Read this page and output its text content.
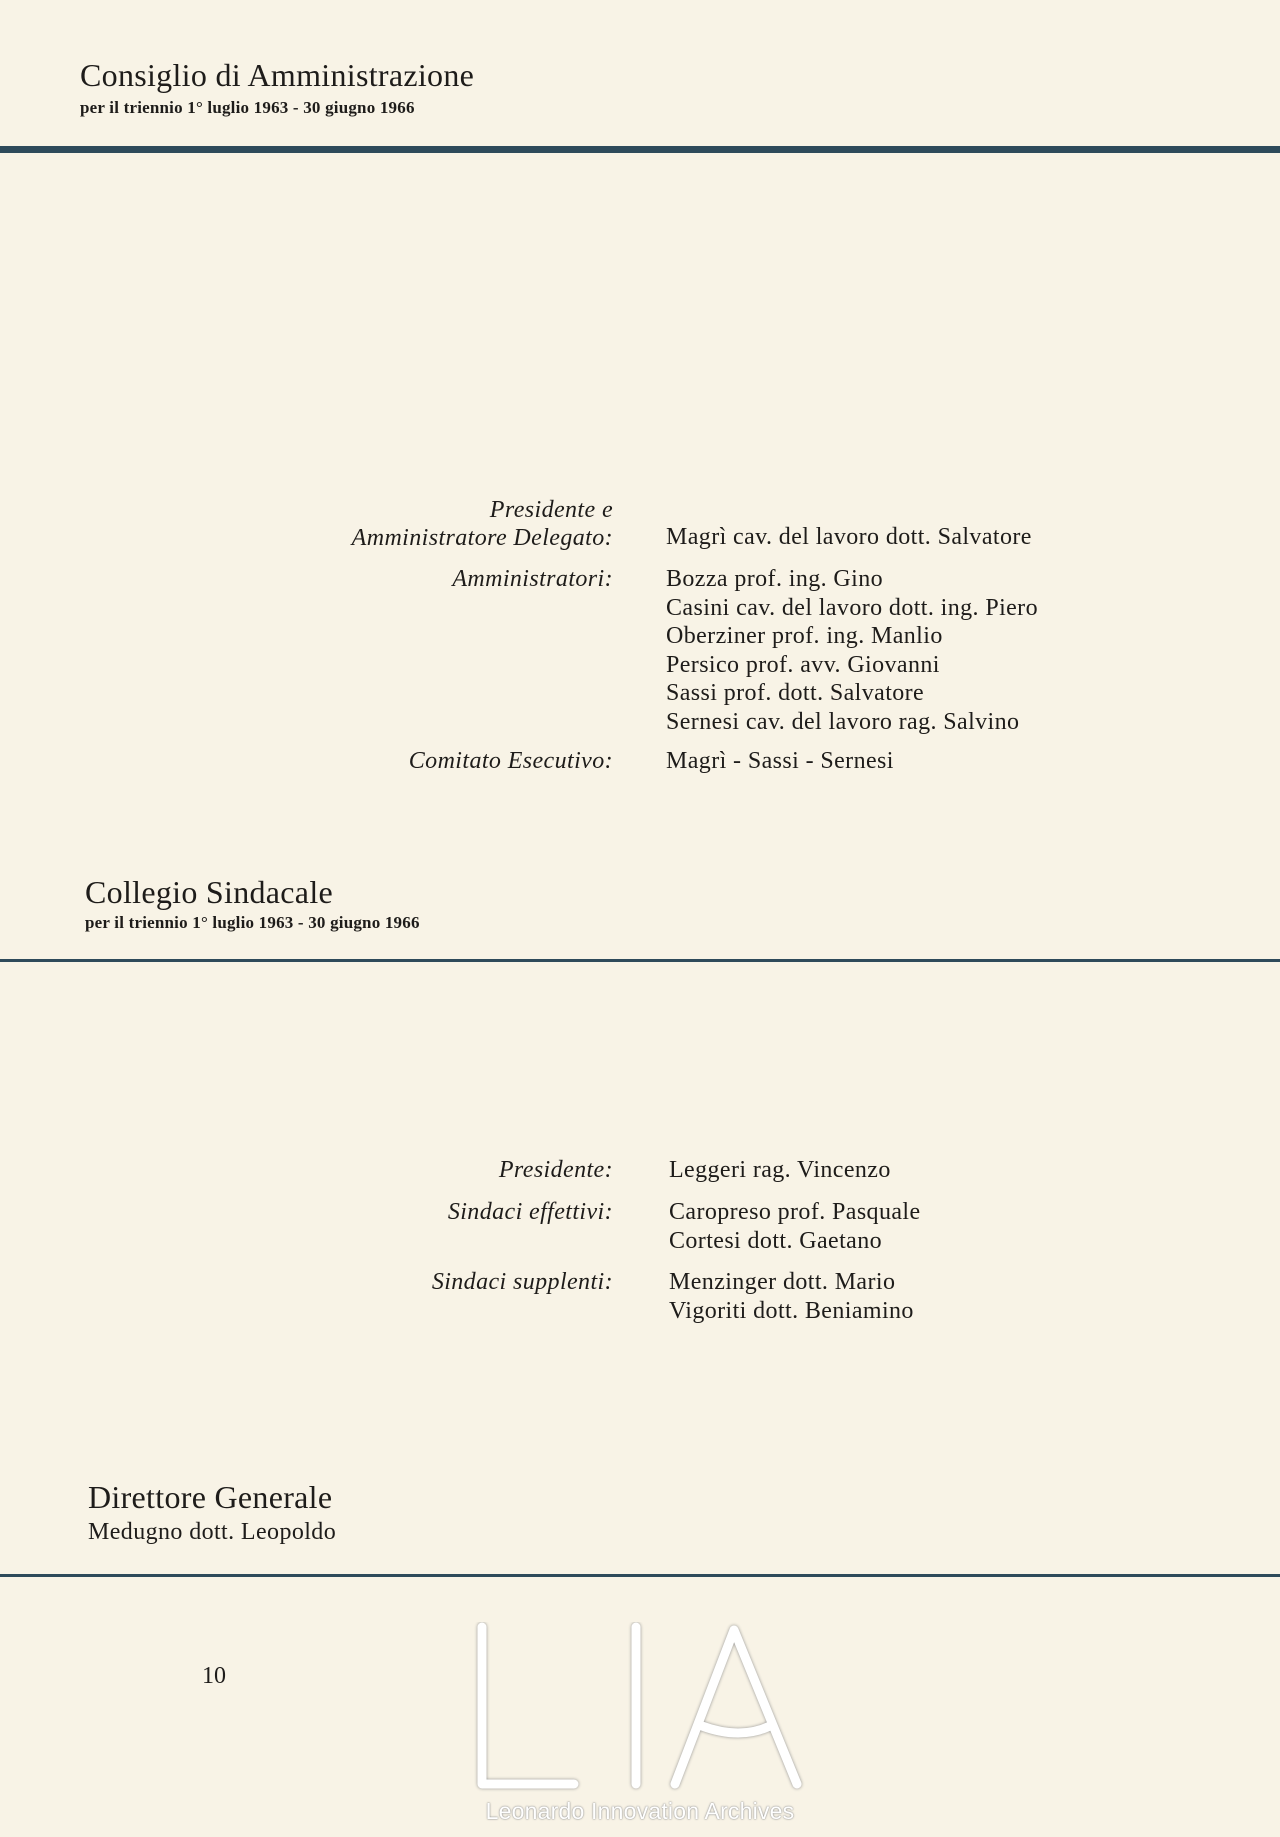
Consiglio di Amministrazione
per il triennio 1° luglio 1963 - 30 giugno 1966
Presidente e
Amministratore Delegato: Magrì cav. del lavoro dott. Salvatore
Amministratori: Bozza prof. ing. Gino
Casini cav. del lavoro dott. ing. Piero
Oberziner prof. ing. Manlio
Persico prof. avv. Giovanni
Sassi prof. dott. Salvatore
Sernesi cav. del lavoro rag. Salvino
Comitato Esecutivo: Magrì - Sassi - Sernesi
Collegio Sindacale
per il triennio 1° luglio 1963 - 30 giugno 1966
Presidente: Leggeri rag. Vincenzo
Sindaci effettivi: Caropreso prof. Pasquale
Cortesi dott. Gaetano
Sindaci supplenti: Menzinger dott. Mario
Vigoriti dott. Beniamino
Direttore Generale
Medugno dott. Leopoldo
10
Leonardo Innovation Archives
